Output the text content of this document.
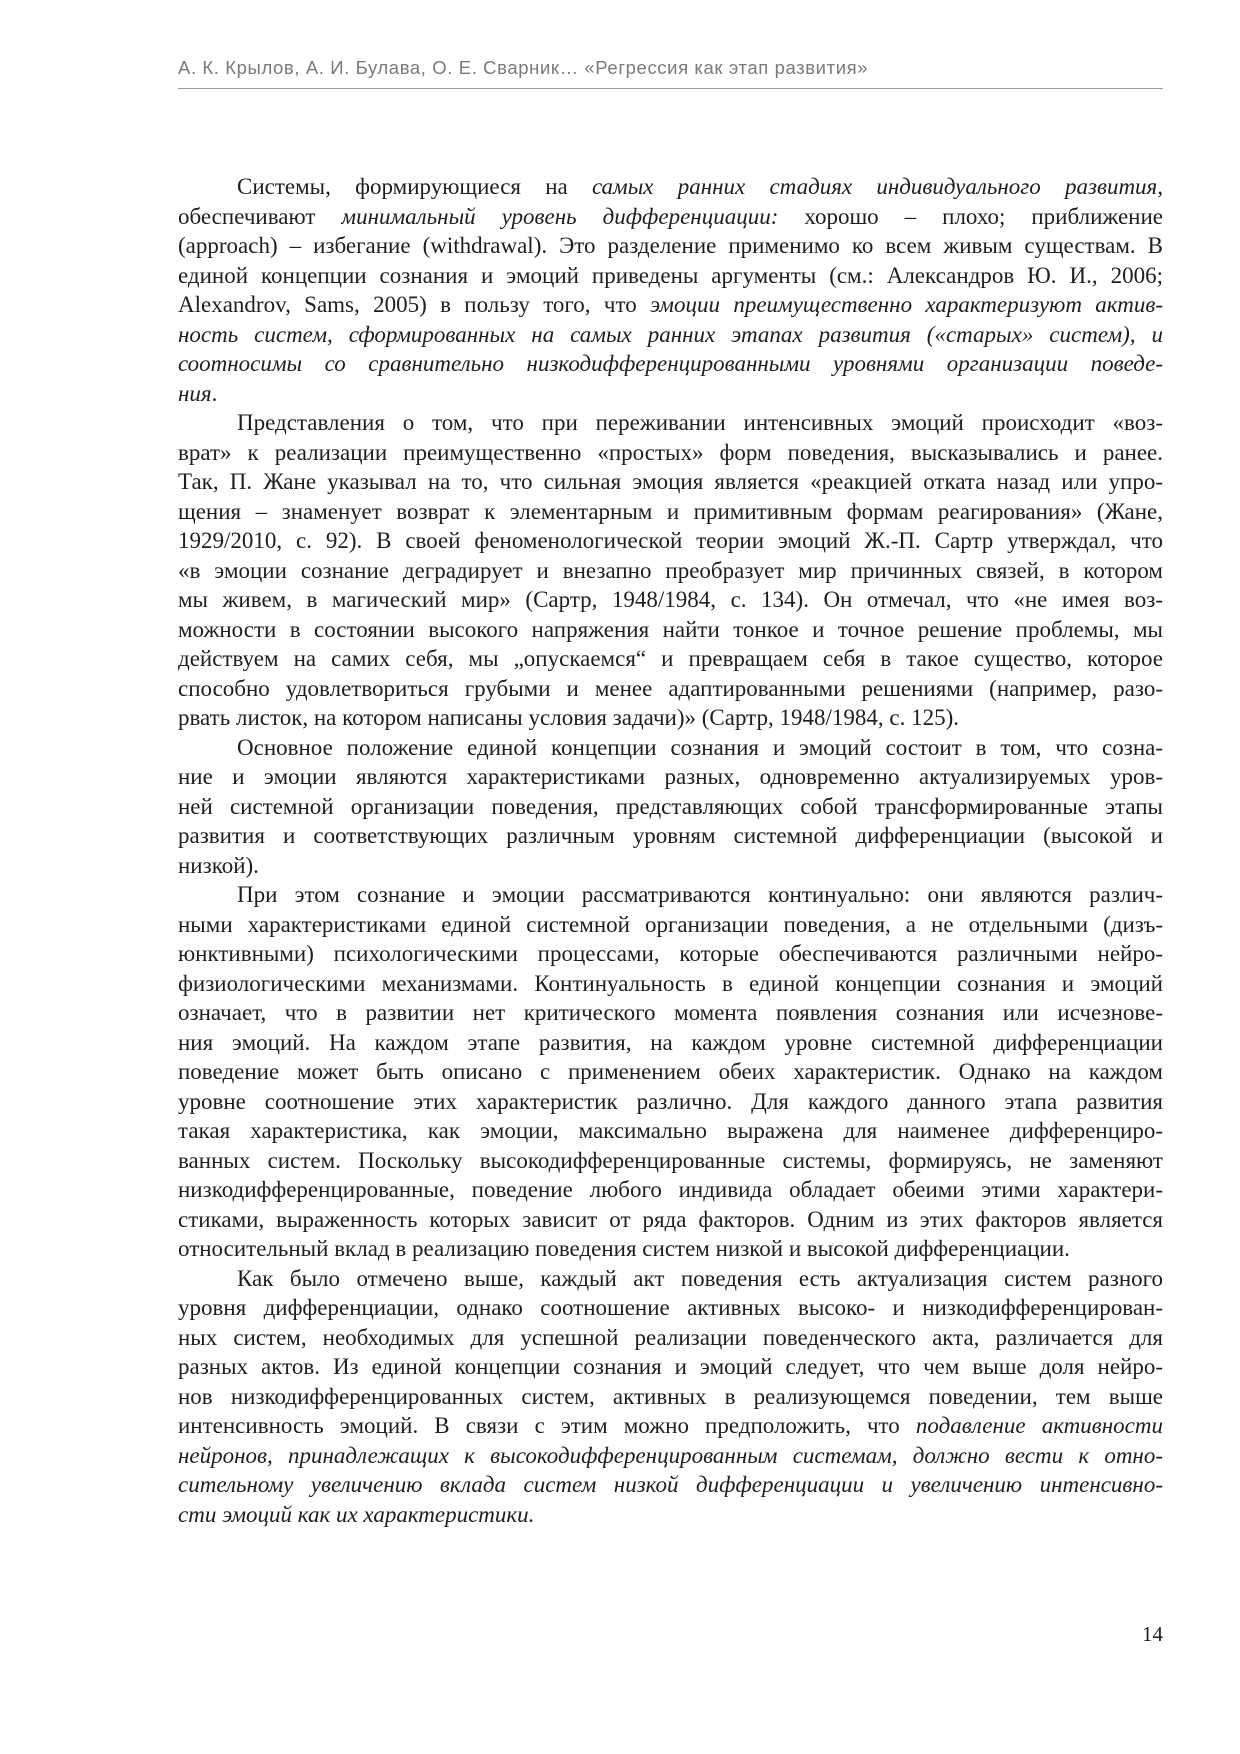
А. К. Крылов, А. И. Булава, О. Е. Сварник… «Регрессия как этап развития»
Системы, формирующиеся на самых ранних стадиях индивидуального развития,
обеспечивают минимальный уровень дифференциации: хорошо – плохо; приближение
(approach) – избегание (withdrawal). Это разделение применимо ко всем живым существам. В
единой концепции сознания и эмоций приведены аргументы (см.: Александров Ю. И., 2006;
Alexandrov, Sams, 2005) в пользу того, что эмоции преимущественно характеризуют актив-
ность систем, сформированных на самых ранних этапах развития («старых» систем), и
соотносимы со сравнительно низкодифференцированными уровнями организации поведе-
ния.
Представления о том, что при переживании интенсивных эмоций происходит «воз-
врат» к реализации преимущественно «простых» форм поведения, высказывались и ранее.
Так, П. Жане указывал на то, что сильная эмоция является «реакцией отката назад или упро-
щения – знаменует возврат к элементарным и примитивным формам реагирования» (Жане,
1929/2010, с. 92). В своей феноменологической теории эмоций Ж.-П. Сартр утверждал, что
«в эмоции сознание деградирует и внезапно преобразует мир причинных связей, в котором
мы живем, в магический мир» (Сартр, 1948/1984, с. 134). Он отмечал, что «не имея воз-
можности в состоянии высокого напряжения найти тонкое и точное решение проблемы, мы
действуем на самих себя, мы „опускаемся“ и превращаем себя в такое существо, которое
способно удовлетвориться грубыми и менее адаптированными решениями (например, разо-
рвать листок, на котором написаны условия задачи)» (Сартр, 1948/1984, с. 125).
Основное положение единой концепции сознания и эмоций состоит в том, что созна-
ние и эмоции являются характеристиками разных, одновременно актуализируемых уров-
ней системной организации поведения, представляющих собой трансформированные этапы
развития и соответствующих различным уровням системной дифференциации (высокой и
низкой).
При этом сознание и эмоции рассматриваются континуально: они являются различ-
ными характеристиками единой системной организации поведения, а не отдельными (дизъ-
юнктивными) психологическими процессами, которые обеспечиваются различными нейро-
физиологическими механизмами. Континуальность в единой концепции сознания и эмоций
означает, что в развитии нет критического момента появления сознания или исчезнове-
ния эмоций. На каждом этапе развития, на каждом уровне системной дифференциации
поведение может быть описано с применением обеих характеристик. Однако на каждом
уровне соотношение этих характеристик различно. Для каждого данного этапа развития
такая характеристика, как эмоции, максимально выражена для наименее дифференциро-
ванных систем. Поскольку высокодифференцированные системы, формируясь, не заменяют
низкодифференцированные, поведение любого индивида обладает обеими этими характери-
стиками, выраженность которых зависит от ряда факторов. Одним из этих факторов является
относительный вклад в реализацию поведения систем низкой и высокой дифференциации.
Как было отмечено выше, каждый акт поведения есть актуализация систем разного
уровня дифференциации, однако соотношение активных высоко- и низкодифференцирован-
ных систем, необходимых для успешной реализации поведенческого акта, различается для
разных актов. Из единой концепции сознания и эмоций следует, что чем выше доля нейро-
нов низкодифференцированных систем, активных в реализующемся поведении, тем выше
интенсивность эмоций. В связи с этим можно предположить, что подавление активности
нейронов, принадлежащих к высокодифференцированным системам, должно вести к отно-
сительному увеличению вклада систем низкой дифференциации и увеличению интенсивно-
сти эмоций как их характеристики.
14
